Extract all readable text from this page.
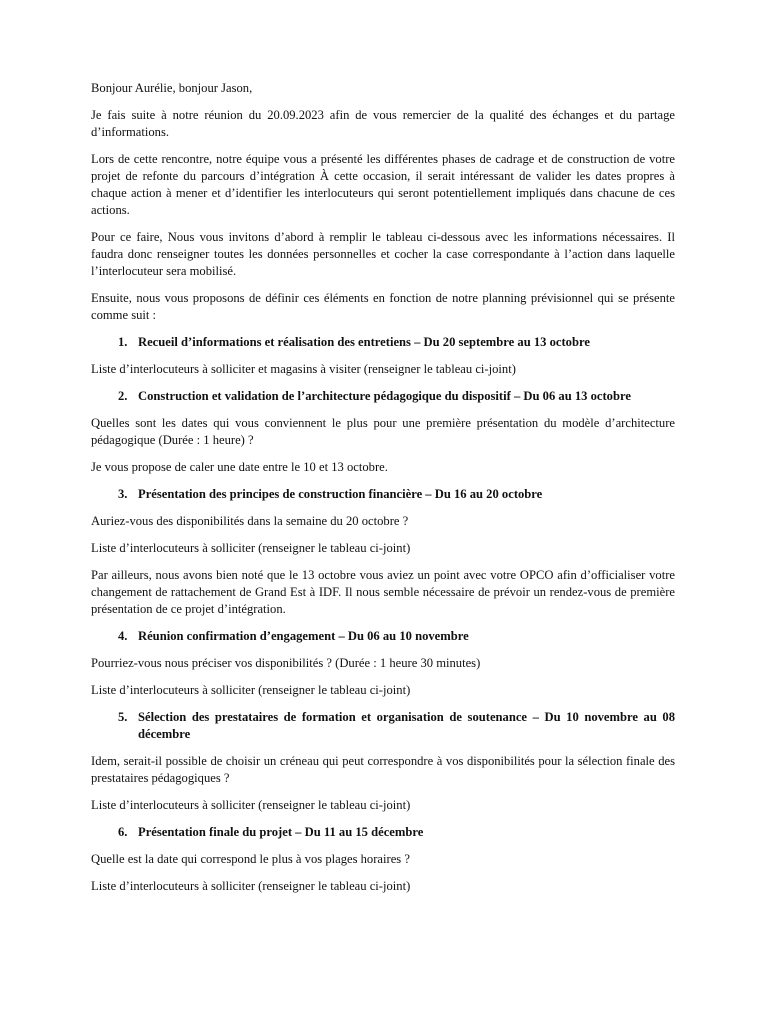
Bonjour Aurélie, bonjour Jason,

Je fais suite à notre réunion du 20.09.2023 afin de vous remercier de la qualité des échanges et du partage d’informations.

Lors de cette rencontre, notre équipe vous a présenté les différentes phases de cadrage et de construction de votre projet de refonte du parcours d’intégration À cette occasion, il serait intéressant de valider les dates propres à chaque action à mener et d’identifier les interlocuteurs qui seront potentiellement impliqués dans chacune de ces actions.

Pour ce faire, Nous vous invitons d’abord à remplir le tableau ci-dessous avec les informations nécessaires. Il faudra donc renseigner toutes les données personnelles et cocher la case correspondante à l’action dans laquelle l’interlocuteur sera mobilisé.

Ensuite, nous vous proposons de définir ces éléments en fonction de notre planning prévisionnel qui se présente comme suit :

1. Recueil d’informations et réalisation des entretiens – Du 20 septembre au 13 octobre

Liste d’interlocuteurs à solliciter et magasins à visiter (renseigner le tableau ci-joint)

2. Construction et validation de l’architecture pédagogique du dispositif – Du 06 au 13 octobre

Quelles sont les dates qui vous conviennent le plus pour une première présentation du modèle d’architecture pédagogique (Durée : 1 heure) ?

Je vous propose de caler une date entre le 10 et 13 octobre.

3. Présentation des principes de construction financière – Du 16 au 20 octobre

Auriez-vous des disponibilités dans la semaine du 20 octobre ?

Liste d’interlocuteurs à solliciter (renseigner le tableau ci-joint)

Par ailleurs, nous avons bien noté que le 13 octobre vous aviez un point avec votre OPCO afin d’officialiser votre changement de rattachement de Grand Est à IDF. Il nous semble nécessaire de prévoir un rendez-vous de première présentation de ce projet d’intégration.

4. Réunion confirmation d’engagement – Du 06 au 10 novembre

Pourriez-vous nous préciser vos disponibilités ? (Durée : 1 heure 30 minutes)

Liste d’interlocuteurs à solliciter (renseigner le tableau ci-joint)

5. Sélection des prestataires de formation et organisation de soutenance – Du 10 novembre au 08 décembre

Idem, serait-il possible de choisir un créneau qui peut correspondre à vos disponibilités pour la sélection finale des prestataires pédagogiques ?

Liste d’interlocuteurs à solliciter (renseigner le tableau ci-joint)

6. Présentation finale du projet – Du 11 au 15 décembre

Quelle est la date qui correspond le plus à vos plages horaires ?

Liste d’interlocuteurs à solliciter (renseigner le tableau ci-joint)
